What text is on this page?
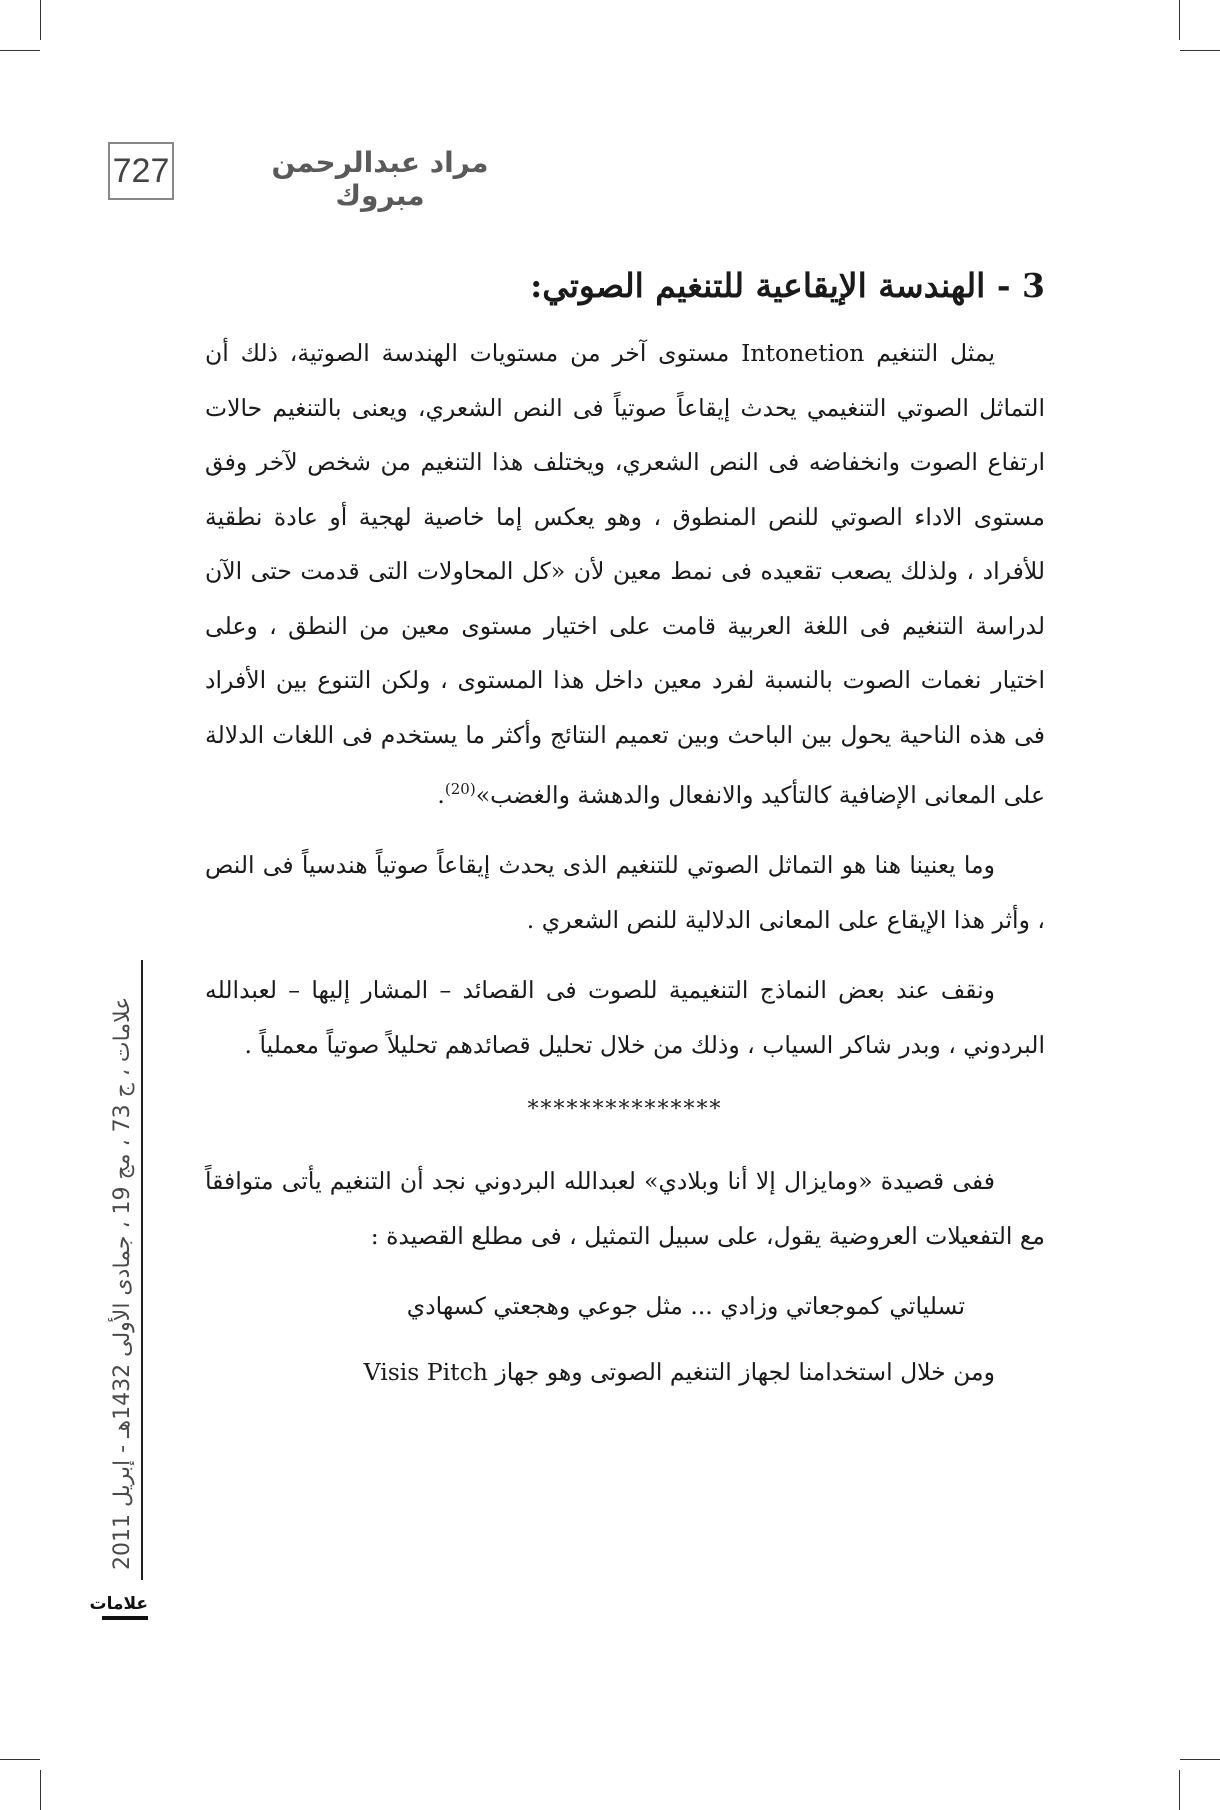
727	مراد عبدالرحمن مبروك
علامات ، ج 73 ، مج 19 ، جمادى الأولى 1432هـ - إبريل 2011
علامات
3 - الهندسة الإيقاعية للتنغيم الصوتي:

يمثل التنغيم Intonetion مستوى آخر من مستويات الهندسة الصوتية، ذلك أن التماثل الصوتي التنغيمي يحدث إيقاعاً صوتياً فى النص الشعري، ويعنى بالتنغيم حالات ارتفاع الصوت وانخفاضه فى النص الشعري، ويختلف هذا التنغيم من شخص لآخر وفق مستوى الاداء الصوتي للنص المنطوق ، وهو يعكس إما خاصية لهجية أو عادة نطقية للأفراد ، ولذلك يصعب تقعيده فى نمط معين لأن «كل المحاولات التى قدمت حتى الآن لدراسة التنغيم فى اللغة العربية قامت على اختيار مستوى معين من النطق ، وعلى اختيار نغمات الصوت بالنسبة لفرد معين داخل هذا المستوى ، ولكن التنوع بين الأفراد فى هذه الناحية يحول بين الباحث وبين تعميم النتائج وأكثر ما يستخدم فى اللغات الدلالة على المعانى الإضافية كالتأكيد والانفعال والدهشة والغضب»$^{(20)}$.

وما يعنينا هنا هو التماثل الصوتي للتنغيم الذى يحدث إيقاعاً صوتياً هندسياً فى النص ، وأثر هذا الإيقاع على المعانى الدلالية للنص الشعري .

ونقف عند بعض النماذج التنغيمية للصوت فى القصائد – المشار إليها – لعبدالله البردوني ، وبدر شاكر السياب ، وذلك من خلال تحليل قصائدهم تحليلاً صوتياً معملياً .

***************

ففى قصيدة «ومايزال إلا أنا وبلادي» لعبدالله البردوني نجد أن التنغيم يأتى متوافقاً مع التفعيلات العروضية يقول، على سبيل التمثيل ، فى مطلع القصيدة :

تسلياتي كموجعاتي وزادي ... مثل جوعي وهجعتي كسهادي

ومن خلال استخدامنا لجهاز التنغيم الصوتى وهو جهاز Visis Pitch
